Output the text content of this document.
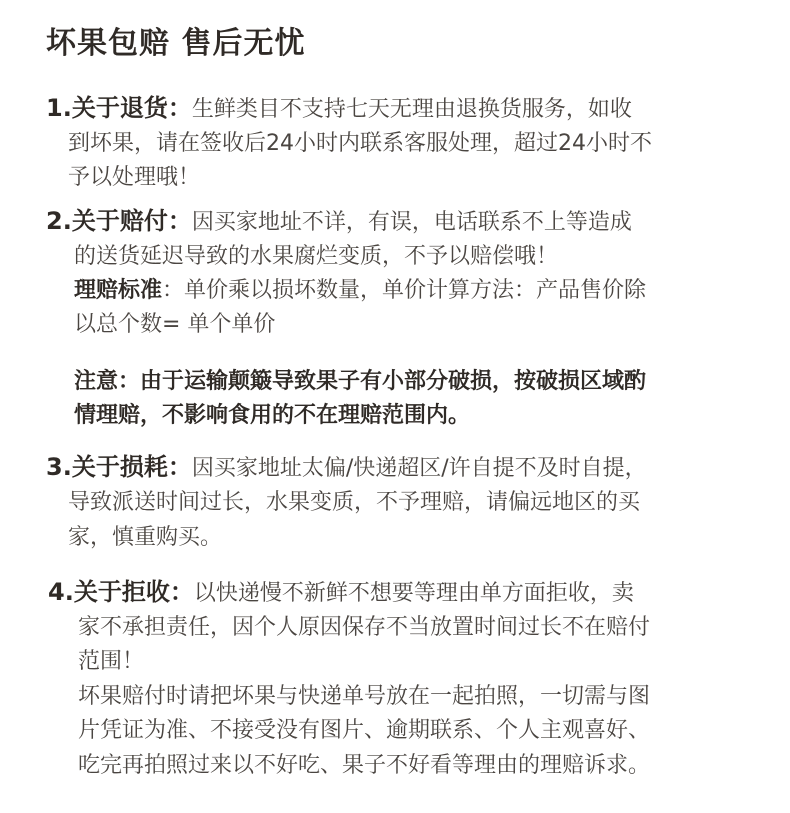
坏果包赔 售后无忧
1.关于退货：生鲜类目不支持七天无理由退换货服务，如收
到坏果，请在签收后24小时内联系客服处理，超过24小时不
予以处理哦！
2.关于赔付：因买家地址不详，有误，电话联系不上等造成
的送货延迟导致的水果腐烂变质，不予以赔偿哦！
理赔标准：单价乘以损坏数量，单价计算方法：产品售价除
以总个数= 单个单价
注意：由于运输颠簸导致果子有小部分破损，按破损区域酌
情理赔，不影响食用的不在理赔范围内。
3.关于损耗：因买家地址太偏/快递超区/许自提不及时自提，
导致派送时间过长，水果变质，不予理赔，请偏远地区的买
家，慎重购买。
4.关于拒收：以快递慢不新鲜不想要等理由单方面拒收，卖
家不承担责任，因个人原因保存不当放置时间过长不在赔付
范围！
坏果赔付时请把坏果与快递单号放在一起拍照，一切需与图
片凭证为准、不接受没有图片、逾期联系、个人主观喜好、
吃完再拍照过来以不好吃、果子不好看等理由的理赔诉求。
